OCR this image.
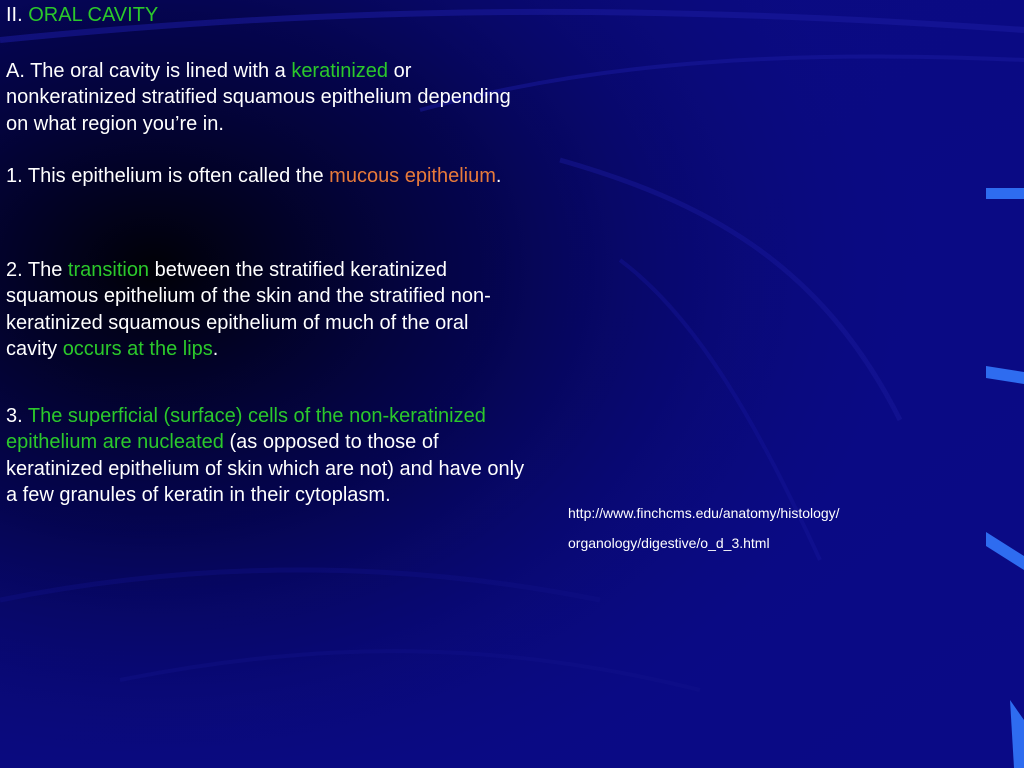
II. ORAL CAVITY
A. The oral cavity is lined with a keratinized or nonkeratinized stratified squamous epithelium depending on what region you’re in.
1. This epithelium is often called the mucous epithelium.
2. The transition between the stratified keratinized squamous epithelium of the skin and the stratified non-keratinized squamous epithelium of much of the oral cavity occurs at the lips.
3. The superficial (surface) cells of the non-keratinized epithelium are nucleated (as opposed to those of keratinized epithelium of skin which are not) and have only a few granules of keratin in their cytoplasm.
http://www.finchcms.edu/anatomy/histology/
organology/digestive/o_d_3.html
